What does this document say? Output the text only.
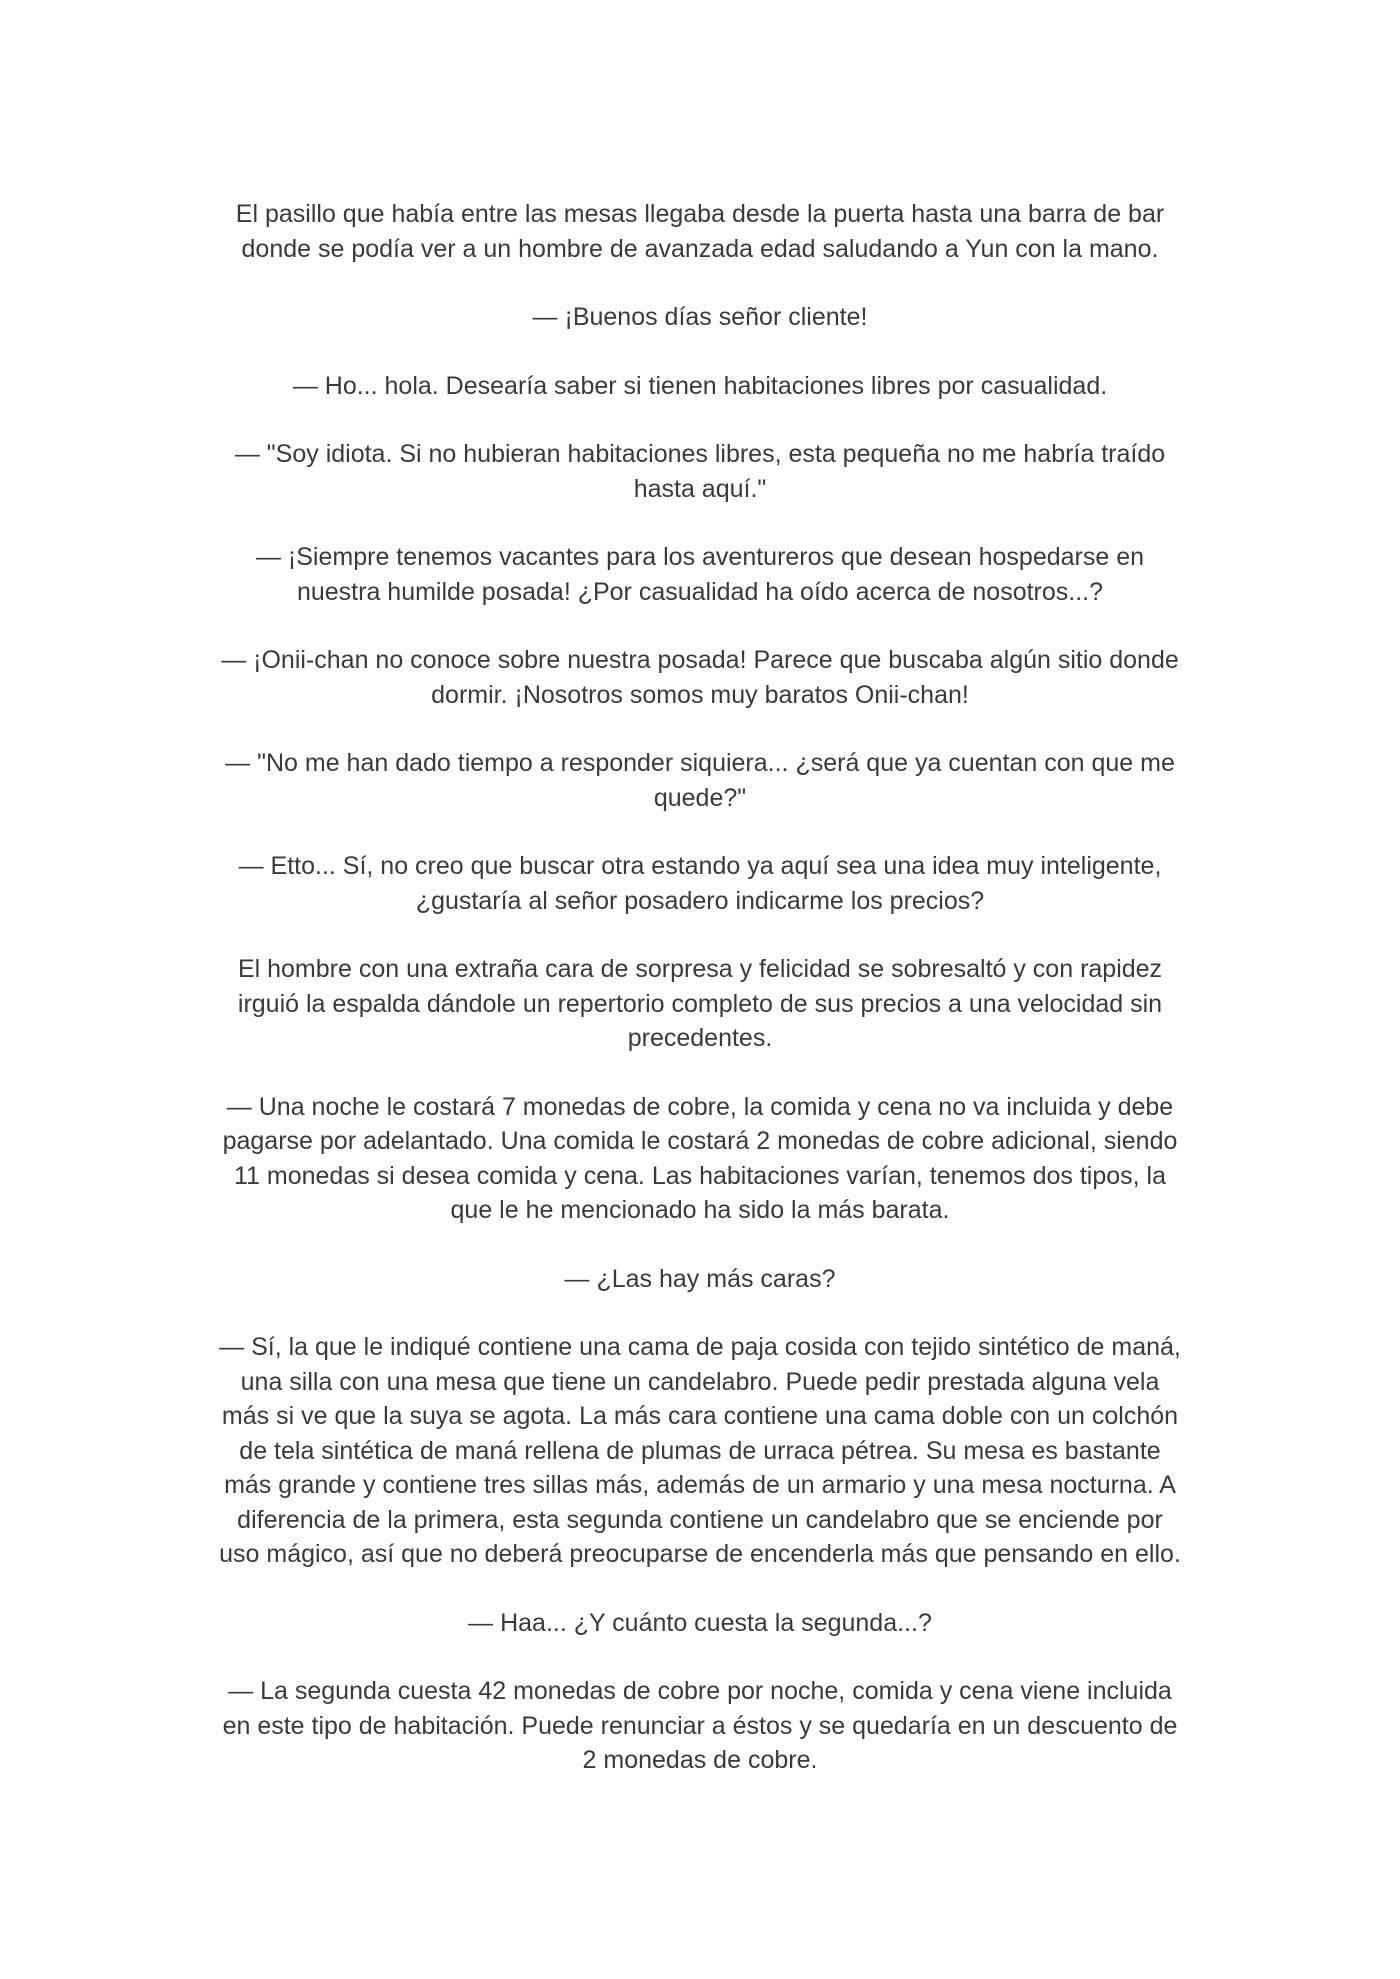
El pasillo que había entre las mesas llegaba desde la puerta hasta una barra de bar
donde se podía ver a un hombre de avanzada edad saludando a Yun con la mano.

— ¡Buenos días señor cliente!

— Ho... hola. Desearía saber si tienen habitaciones libres por casualidad.

— "Soy idiota. Si no hubieran habitaciones libres, esta pequeña no me habría traído
hasta aquí."

— ¡Siempre tenemos vacantes para los aventureros que desean hospedarse en
nuestra humilde posada! ¿Por casualidad ha oído acerca de nosotros...?

— ¡Onii-chan no conoce sobre nuestra posada! Parece que buscaba algún sitio donde
dormir. ¡Nosotros somos muy baratos Onii-chan!

— "No me han dado tiempo a responder siquiera... ¿será que ya cuentan con que me
quede?"

— Etto... Sí, no creo que buscar otra estando ya aquí sea una idea muy inteligente,
¿gustaría al señor posadero indicarme los precios?

El hombre con una extraña cara de sorpresa y felicidad se sobresaltó y con rapidez
irguió la espalda dándole un repertorio completo de sus precios a una velocidad sin
precedentes.

— Una noche le costará 7 monedas de cobre, la comida y cena no va incluida y debe
pagarse por adelantado. Una comida le costará 2 monedas de cobre adicional, siendo
11 monedas si desea comida y cena. Las habitaciones varían, tenemos dos tipos, la
que le he mencionado ha sido la más barata.

— ¿Las hay más caras?

— Sí, la que le indiqué contiene una cama de paja cosida con tejido sintético de maná,
una silla con una mesa que tiene un candelabro. Puede pedir prestada alguna vela
más si ve que la suya se agota. La más cara contiene una cama doble con un colchón
de tela sintética de maná rellena de plumas de urraca pétrea. Su mesa es bastante
más grande y contiene tres sillas más, además de un armario y una mesa nocturna. A
diferencia de la primera, esta segunda contiene un candelabro que se enciende por
uso mágico, así que no deberá preocuparse de encenderla más que pensando en ello.

— Haa... ¿Y cuánto cuesta la segunda...?

— La segunda cuesta 42 monedas de cobre por noche, comida y cena viene incluida
en este tipo de habitación. Puede renunciar a éstos y se quedaría en un descuento de
2 monedas de cobre.
